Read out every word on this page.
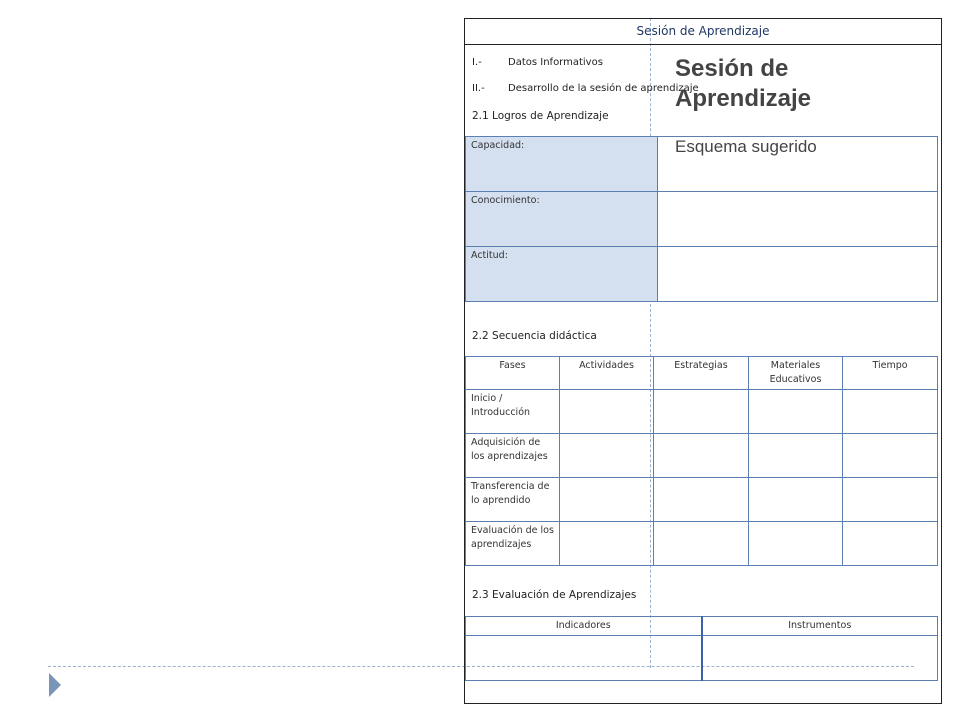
Sesión de Aprendizaje
I.-	Datos Informativos
II.- Desarrollo de la sesión de aprendizaje
2.1 Logros de Aprendizaje
Capacidad:	
Conocimiento:	
Actitud:	
2.2 Secuencia didáctica
Fases	Actividades	Estrategias	Materiales Educativos	Tiempo
Inicio / Introducción				
Adquisición de los aprendizajes				
Transferencia de lo aprendido				
Evaluación de los aprendizajes				
2.3 Evaluación de Aprendizajes
Indicadores	Instrumentos

Sesión de Aprendizaje
Esquema sugerido
